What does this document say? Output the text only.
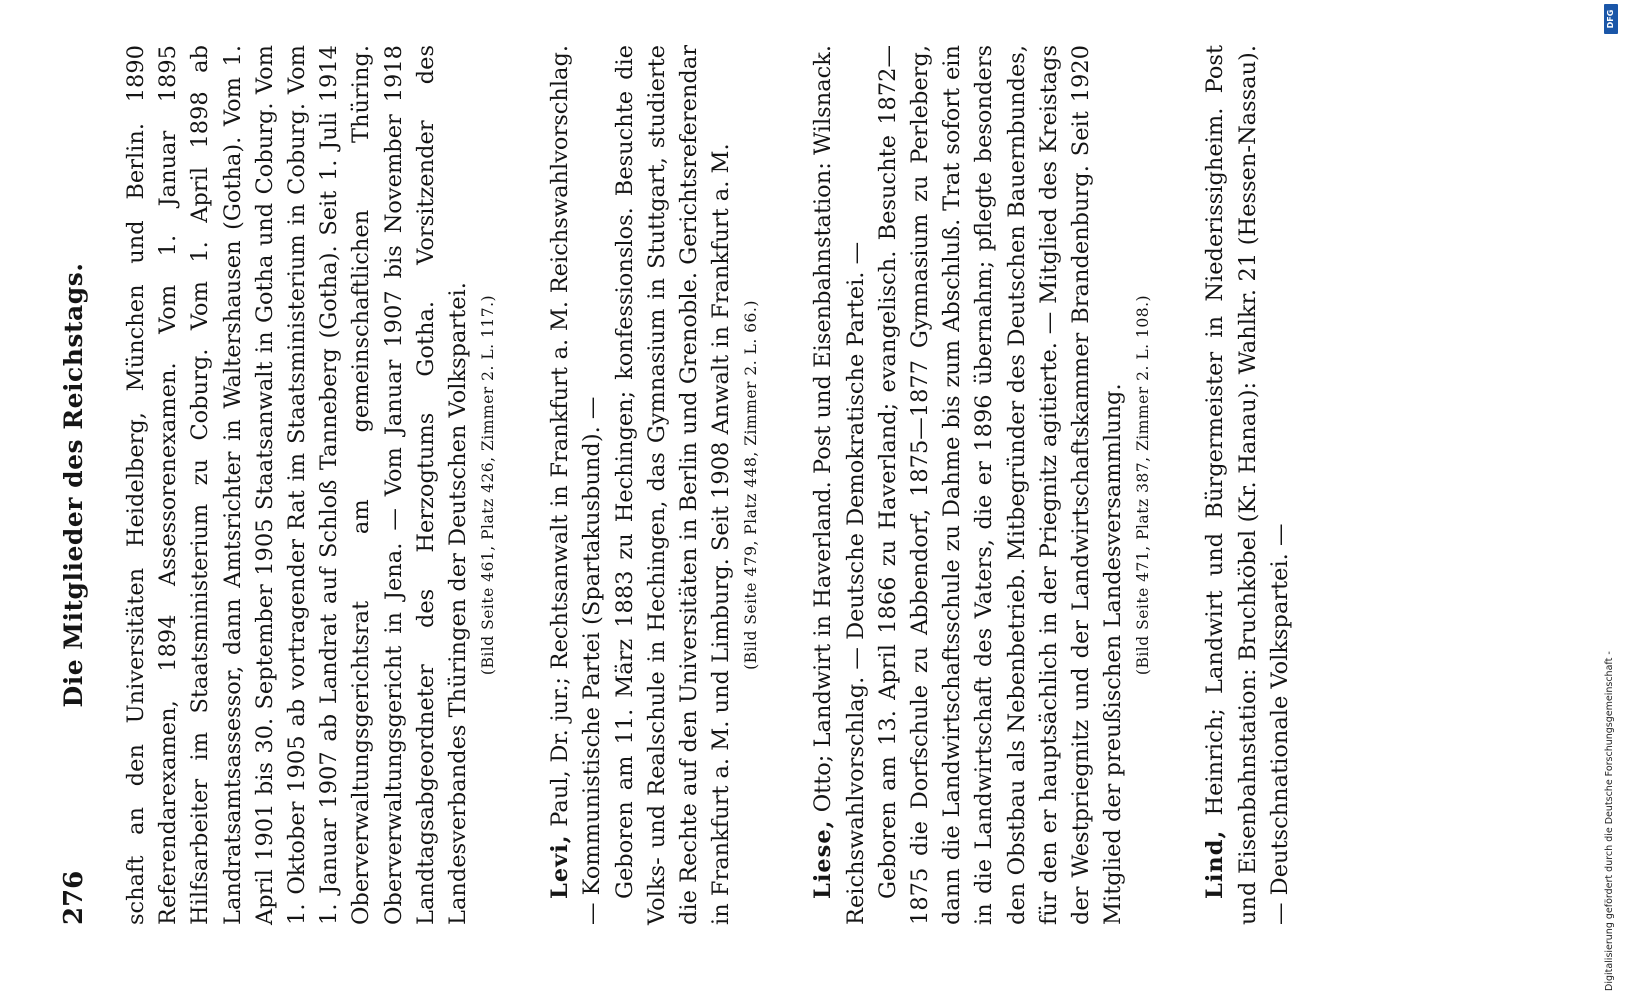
276
Die Mitglieder des Reichstags. schaft an den Universitäten Heidelberg, München und Berlin. 1890 Referendarexamen, 1894 Assessorenexamen. Vom 1. Januar 1895 Hilfsarbeiter im Staatsministerium zu Coburg. Vom 1. April 1898 ab Landratsamtsassessor, dann Amtsrichter in Waltershausen (Gotha). Vom 1. April 1901 bis 30. September 1905 Staatsanwalt in Gotha und Coburg. Vom 1. Oktober 1905 ab vortragender Rat im Staatsministerium in Coburg. Vom 1. Januar 1907 ab Landrat auf Schloß Tanneberg (Gotha). Seit 1. Juli 1914 Oberverwaltungsgerichtsrat am gemeinschaftlichen Thüring. Oberverwaltungsgericht in Jena. — Vom Januar 1907 bis November 1918 Landtagsabgeordneter des Herzogtums Gotha. Vorsitzender des Landesverbandes Thüringen der Deutschen Volkspartei. (Bild Seite 461, Platz 426, Zimmer 2. L. 117.)

Levi, Paul, Dr. jur.; Rechtsanwalt in Frankfurt a. M. Reichswahlvorschlag. — Kommunistische Partei (Spartakusbund). — Geboren am 11. März 1883 zu Hechingen; konfessionslos. Besuchte die Volks- und Realschule in Hechingen, das Gymnasium in Stuttgart, studierte die Rechte auf den Universitäten in Berlin und Grenoble. Gerichtsreferendar in Frankfurt a. M. und Limburg. Seit 1908 Anwalt in Frankfurt a. M. (Bild Seite 479, Platz 448, Zimmer 2. L. 66.)

Liese, Otto; Landwirt in Haverland. Post und Eisenbahnstation: Wilsnack. Reichswahlvorschlag. — Deutsche Demokratische Partei. — Geboren am 13. April 1866 zu Haverland; evangelisch. Besuchte 1872—1875 die Dorfschule zu Abbendorf, 1875—1877 Gymnasium zu Perleberg, dann die Landwirtschaftsschule zu Dahme bis zum Abschluß. Trat sofort ein in die Landwirtschaft des Vaters, die er 1896 übernahm; pflegte besonders den Obstbau als Nebenbetrieb. Mitbegründer des Deutschen Bauernbundes, für den er hauptsächlich in der Priegnitz agitierte. — Mitglied des Kreistags der Westpriegnitz und der Landwirtschaftskammer Brandenburg. Seit 1920 Mitglied der preußischen Landesversammlung. (Bild Seite 471, Platz 387, Zimmer 2. L. 108.)

Lind, Heinrich; Landwirt und Bürgermeister in Niederissigheim. Post und Eisenbahnstation: Bruchköbel (Kr. Hanau): Wahlkr. 21 (Hessen-Nassau). — Deutschnationale Volkspartei. —

DFG
Digitalisierung gefördert durch die Deutsche Forschungsgemeinschaft -
